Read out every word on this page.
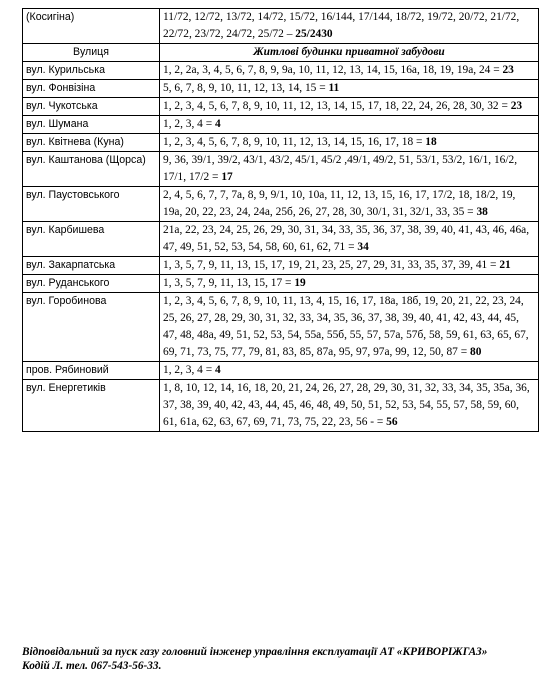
(Косигіна)	11/72, 12/72, 13/72, 14/72, 15/72, 16/144, 17/144, 18/72, 19/72, 20/72, 21/72, 22/72, 23/72, 24/72, 25/72 – 25/2430
Вулиця	Житлові будинки приватної забудови
вул. Курильська	1, 2, 2а, 3, 4, 5, 6, 7, 8, 9, 9а, 10, 11, 12, 13, 14, 15, 16а, 18, 19, 19а, 24 = 23
вул. Фонвізіна	5, 6, 7, 8, 9, 10, 11, 12, 13, 14, 15 = 11
вул. Чукотська	1, 2, 3, 4, 5, 6, 7, 8, 9, 10, 11, 12, 13, 14, 15, 17, 18, 22, 24, 26, 28, 30, 32 = 23
вул. Шумана	1, 2, 3, 4 = 4
вул. Квітнева (Куна)	1, 2, 3, 4, 5, 6, 7, 8, 9, 10, 11, 12, 13, 14, 15, 16, 17, 18 = 18
вул. Каштанова (Щорса)	9, 36, 39/1, 39/2, 43/1, 43/2, 45/1, 45/2 ,49/1, 49/2, 51, 53/1, 53/2, 16/1, 16/2, 17/1, 17/2 = 17
вул. Паустовського	2, 4, 5, 6, 7, 7, 7а, 8, 9, 9/1, 10, 10а, 11, 12, 13, 15, 16, 17, 17/2, 18, 18/2, 19, 19а, 20, 22, 23, 24, 24а, 25б, 26, 27, 28, 30, 30/1, 31, 32/1, 33, 35 = 38
вул. Карбишева	21а, 22, 23, 24, 25, 26, 29, 30, 31, 34, 33, 35, 36, 37, 38, 39, 40, 41, 43, 46, 46а, 47, 49, 51, 52, 53, 54, 58, 60, 61, 62, 71 = 34
вул. Закарпатська	1, 3, 5, 7, 9, 11, 13, 15, 17, 19, 21, 23, 25, 27, 29, 31, 33, 35, 37, 39, 41 = 21
вул. Руданського	1, 3, 5, 7, 9, 11, 13, 15, 17 = 19
вул. Горобинова	1, 2, 3, 4, 5, 6, 7, 8, 9, 10, 11, 13, 4, 15, 16, 17, 18а, 18б, 19, 20, 21, 22, 23, 24, 25, 26, 27, 28, 29, 30, 31, 32, 33, 34, 35, 36, 37, 38, 39, 40, 41, 42, 43, 44, 45, 47, 48, 48а, 49, 51, 52, 53, 54, 55а, 55б, 55, 57, 57а, 57б, 58, 59, 61, 63, 65, 67, 69, 71, 73, 75, 77, 79, 81, 83, 85, 87а, 95, 97, 97а, 99, 12, 50, 87 = 80
пров. Рябиновий	1, 2, 3, 4 = 4
вул. Енергетиків	1, 8, 10, 12, 14, 16, 18, 20, 21, 24, 26, 27, 28, 29, 30, 31, 32, 33, 34, 35, 35а, 36, 37, 38, 39, 40, 42, 43, 44, 45, 46, 48, 49, 50, 51, 52, 53, 54, 55, 57, 58, 59, 60, 61, 61а, 62, 63, 67, 69, 71, 73, 75, 22, 23, 56 - = 56
Відповідальний за пуск газу головний інженер управління експлуатації АТ «КРИВОРІЖГАЗ»
Кодій Л. тел. 067-543-56-33.
